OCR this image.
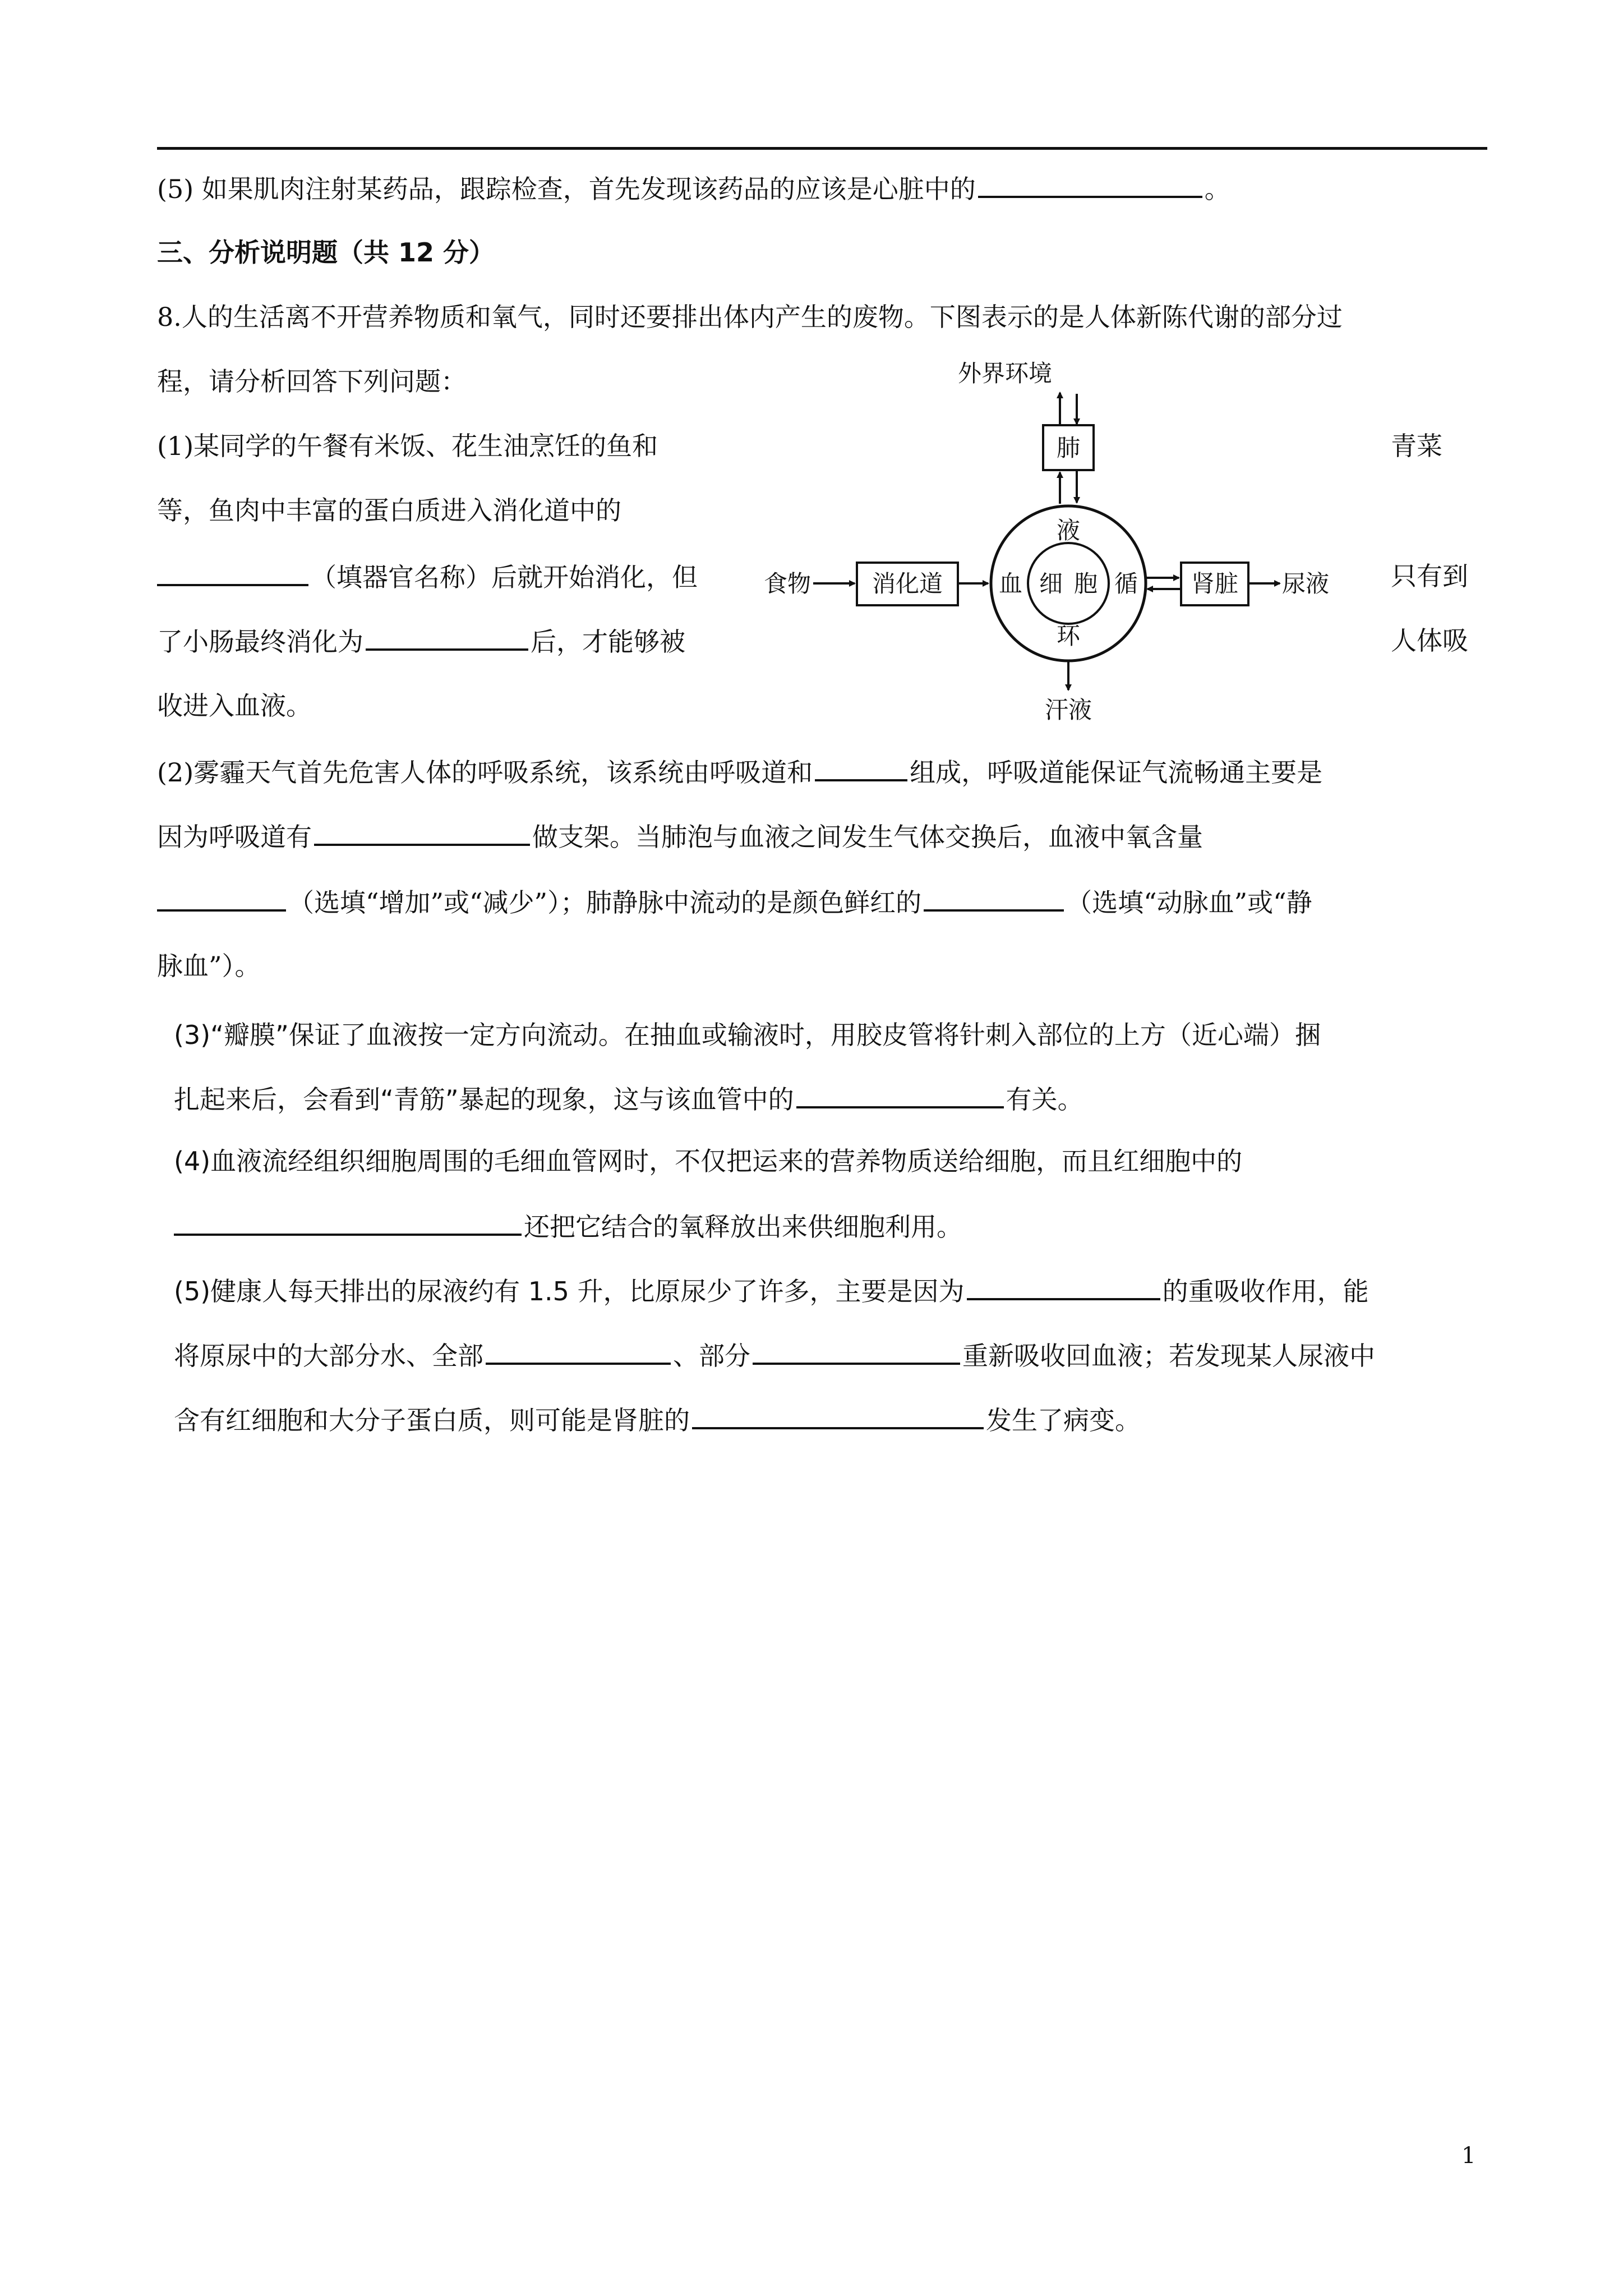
(5) 如果肌肉注射某药品，跟踪检查，首先发现该药品的应该是心脏中的	。
三、分析说明题（共 12 分）
8.人的生活离不开营养物质和氧气，同时还要排出体内产生的废物。下图表示的是人体新陈代谢的部分过
程，请分析回答下列问题：
(1)某同学的午餐有米饭、花生油烹饪的鱼和	青菜
等，鱼肉中丰富的蛋白质进入消化道中的
（填器官名称）后就开始消化，但	只有到
了小肠最终消化为	后，才能够被	人体吸
收进入血液。
(2)雾霾天气首先危害人体的呼吸系统，该系统由呼吸道和	组成，呼吸道能保证气流畅通主要是
因为呼吸道有	做支架。当肺泡与血液之间发生气体交换后，血液中氧含量
（选填“增加”或“减少”）；肺静脉中流动的是颜色鲜红的	（选填“动脉血”或“静
脉血”）。
(3)“瓣膜”保证了血液按一定方向流动。在抽血或输液时，用胶皮管将针刺入部位的上方（近心端）捆
扎起来后，会看到“青筋”暴起的现象，这与该血管中的	有关。
(4)血液流经组织细胞周围的毛细血管网时，不仅把运来的营养物质送给细胞，而且红细胞中的
还把它结合的氧释放出来供细胞利用。
(5)健康人每天排出的尿液约有 1.5 升，比原尿少了许多，主要是因为	的重吸收作用，能
将原尿中的大部分水、全部	、部分	重新吸收回血液；若发现某人尿液中
含有红细胞和大分子蛋白质，则可能是肾脏的	发生了病变。
外界环境
肺
液
环
血	循
细 胞
食物	消化道	肾脏 尿液
汗液
1
